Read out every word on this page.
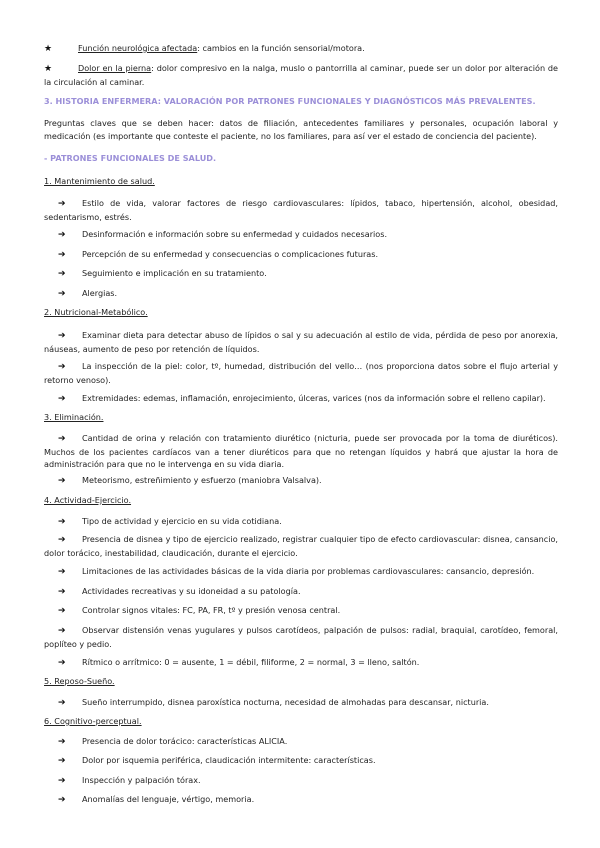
★	Función neurológica afectada: cambios en la función sensorial/motora.
★	Dolor en la pierna: dolor compresivo en la nalga, muslo o pantorrilla al caminar, puede ser un dolor por alteración de la circulación al caminar.
3. HISTORIA ENFERMERA: VALORACIÓN POR PATRONES FUNCIONALES Y DIAGNÓSTICOS MÁS PREVALENTES.
Preguntas claves que se deben hacer: datos de filiación, antecedentes familiares y personales, ocupación laboral y medicación (es importante que conteste el paciente, no los familiares, para así ver el estado de conciencia del paciente).
- PATRONES FUNCIONALES DE SALUD.
1. Mantenimiento de salud.
➔ Estilo de vida, valorar factores de riesgo cardiovasculares: lípidos, tabaco, hipertensión, alcohol, obesidad, sedentarismo, estrés.
➔ Desinformación e información sobre su enfermedad y cuidados necesarios.
➔ Percepción de su enfermedad y consecuencias o complicaciones futuras.
➔ Seguimiento e implicación en su tratamiento.
➔ Alergias.
2. Nutricional-Metabólico.
➔ Examinar dieta para detectar abuso de lípidos o sal y su adecuación al estilo de vida, pérdida de peso por anorexia, náuseas, aumento de peso por retención de líquidos.
➔ La inspección de la piel: color, tº, humedad, distribución del vello… (nos proporciona datos sobre el flujo arterial y retorno venoso).
➔ Extremidades: edemas, inflamación, enrojecimiento, úlceras, varices (nos da información sobre el relleno capilar).
3. Eliminación.
➔ Cantidad de orina y relación con tratamiento diurético (nicturia, puede ser provocada por la toma de diuréticos). Muchos de los pacientes cardíacos van a tener diuréticos para que no retengan líquidos y habrá que ajustar la hora de administración para que no le intervenga en su vida diaria.
➔ Meteorismo, estreñimiento y esfuerzo (maniobra Valsalva).
4. Actividad-Ejercicio.
➔ Tipo de actividad y ejercicio en su vida cotidiana.
➔ Presencia de disnea y tipo de ejercicio realizado, registrar cualquier tipo de efecto cardiovascular: disnea, cansancio, dolor torácico, inestabilidad, claudicación, durante el ejercicio.
➔ Limitaciones de las actividades básicas de la vida diaria por problemas cardiovasculares: cansancio, depresión.
➔ Actividades recreativas y su idoneidad a su patología.
➔ Controlar signos vitales: FC, PA, FR, tº y presión venosa central.
➔ Observar distensión venas yugulares y pulsos carotídeos, palpación de pulsos: radial, braquial, carotídeo, femoral, poplíteo y pedio.
➔ Rítmico o arrítmico: 0 = ausente, 1 = débil, filiforme, 2 = normal, 3 = lleno, saltón.
5. Reposo-Sueño.
➔ Sueño interrumpido, disnea paroxística nocturna, necesidad de almohadas para descansar, nicturia.
6. Cognitivo-perceptual.
➔ Presencia de dolor torácico: características ALICIA.
➔ Dolor por isquemia periférica, claudicación intermitente: características.
➔ Inspección y palpación tórax.
➔ Anomalías del lenguaje, vértigo, memoria.
